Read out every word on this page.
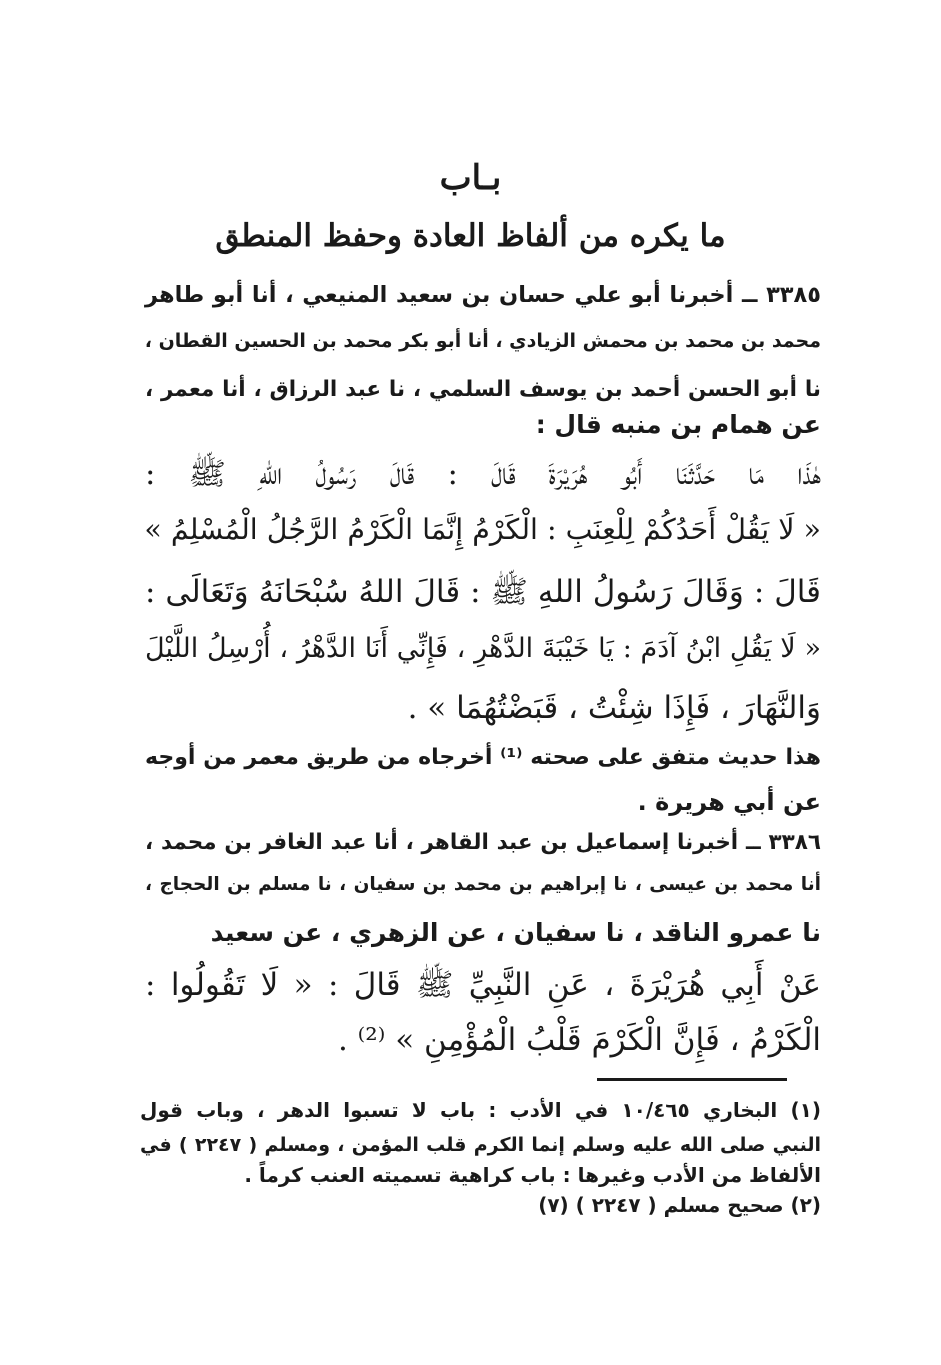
بـاب
ما يكره من ألفاظ العادة وحفظ المنطق
٣٣٨٥ ــ أخبرنا أبو علي حسان بن سعيد المنيعي ، أنا أبو طاهر
محمد بن محمد بن محمش الزيادي ، أنا أبو بكر محمد بن الحسين القطان ،
نا أبو الحسن أحمد بن يوسف السلمي ، نا عبد الرزاق ، أنا معمر ،
عن همام بن منبه قال :
هٰذَا مَا حَدَّثَنَا أَبُو هُرَيْرَةَ قَالَ : قَالَ رَسُولُ اللهِ ﷺ :
« لَا يَقُلْ أَحَدُكُمْ لِلْعِنَبِ : الْكَرْمُ إِنَّمَا الْكَرْمُ الرَّجُلُ الْمُسْلِمُ »
قَالَ : وَقَالَ رَسُولُ اللهِ ﷺ : قَالَ اللهُ سُبْحَانَهُ وَتَعَالَى :
« لَا يَقُلِ ابْنُ آدَمَ : يَا خَيْبَةَ الدَّهْرِ ، فَإِنِّي أَنَا الدَّهْرُ ، أُرْسِلُ اللَّيْلَ
وَالنَّهَارَ ، فَإِذَا شِئْتُ ، قَبَضْتُهُمَا » .
هذا حديث متفق على صحته ⁽¹⁾ أخرجاه من طريق معمر من أوجه
عن أبي هريرة .
٣٣٨٦ ــ أخبرنا إسماعيل بن عبد القاهر ، أنا عبد الغافر بن محمد ،
أنا محمد بن عيسى ، نا إبراهيم بن محمد بن سفيان ، نا مسلم بن الحجاج ،
نا عمرو الناقد ، نا سفيان ، عن الزهري ، عن سعيد
عَنْ أَبِي هُرَيْرَةَ ، عَنِ النَّبِيِّ ﷺ قَالَ : « لَا تَقُولُوا :
الْكَرْمُ ، فَإِنَّ الْكَرْمَ قَلْبُ الْمُؤْمِنِ » ⁽²⁾ .
(١) البخاري ١٠/٤٦٥ في الأدب : باب لا تسبوا الدهر ، وباب قول
النبي صلى الله عليه وسلم إنما الكرم قلب المؤمن ، ومسلم ( ٢٢٤٧ ) في
الألفاظ من الأدب وغيرها : باب كراهية تسميته العنب كرماً .
(٢) صحيح مسلم ( ٢٢٤٧ ) (٧)
